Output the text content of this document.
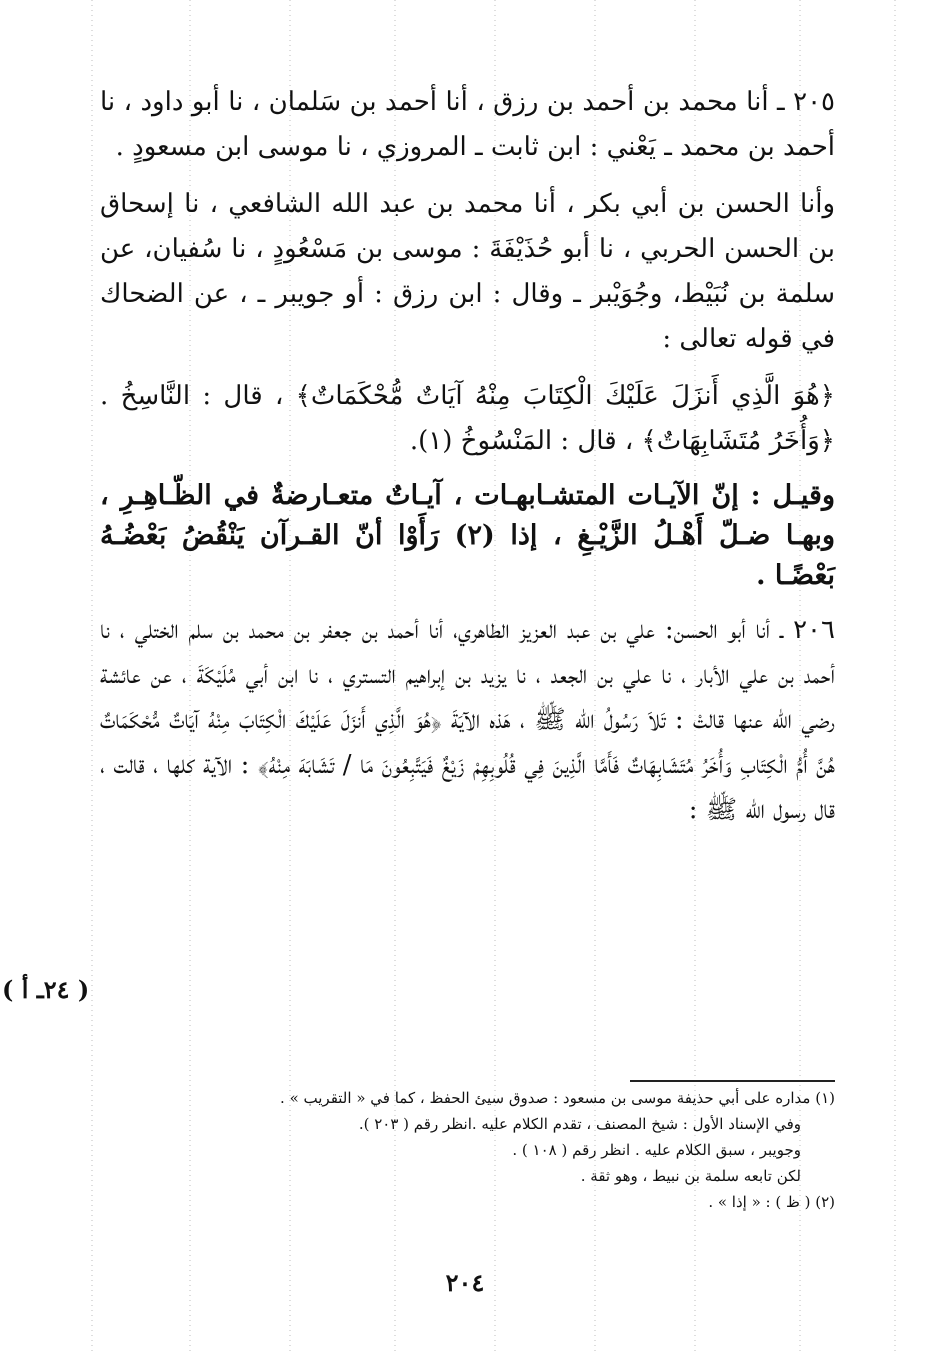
٢٠٥ ـ أنا محمد بن أحمد بن رزق ، أنا أحمد بن سَلمان ، نا أبو داود ، نا أحمد بن محمد ـ يَعْني : ابن ثابت ـ المروزي ، نا موسى ابن مسعودٍ .

وأنا الحسن بن أبي بكر ، أنا محمد بن عبد الله الشافعي ، نا إسحاق بن الحسن الحربي ، نا أبو حُذَيْفَةَ : موسى بن مَسْعُودٍ ، نا سُفيان، عن سلمة بن نُبَيْط، وجُوَيْبر ـ وقال : ابن رزق : أو جويبر ـ ، عن الضحاك في قوله تعالى :

﴿هُوَ الَّذِي أَنزَلَ عَلَيْكَ الْكِتَابَ مِنْهُ آيَاتٌ مُّحْكَمَاتٌ﴾ ، قال : النَّاسِخُ . ﴿وَأُخَرُ مُتَشَابِهَاتٌ﴾ ، قال : المَنْسُوخُ (١).

وقيـل : إنّ الآيـات المتشـابهـات ، آيـاتٌ متعـارضةٌ في الظّـاهِـرِ ، وبهـا ضـلّ أَهْـلُ الزَّيْـغِ ، إذا (٢) رَأَوْا أنّ القـرآن يَنْقُضُ بَعْضُـهُ بَعْضًـا .

٢٠٦ ـ أنا أبو الحسن: علي بن عبد العزيز الطاهري، أنا أحمد بن جعفر بن محمد بن سلم الختلي ، نا أحمد بن علي الأبار ، نا علي بن الجعد ، نا يزيد بن إبراهيم التستري ، نا ابن أبي مُلَيْكَةَ ، عن عائشة رضي الله عنها قالتْ : تَلاَ رَسُولُ الله ﷺ ، هَذه الآيَةَ ﴿هُوَ الَّذِي أَنزَلَ عَلَيْكَ الْكِتَابَ مِنْهُ آيَاتٌ مُّحْكَمَاتٌ هُنَّ أُمُّ الْكِتَابِ وَأُخَرُ مُتَشَابِهَاتٌ فَأَمَّا الَّذِينَ فِي قُلُوبِهِمْ زَيْغٌ فَيَتَّبِعُونَ مَا / تَشَابَهَ مِنْهُ﴾ : الآية كلها ، قالت ، قال رسول الله ﷺ :

( ٢٤ـ أ )

(١) مداره على أبي حذيفة موسى بن مسعود : صدوق سيئ الحفظ ، كما في « التقريب » .

وفي الإسناد الأول : شيخ المصنف ، تقدم الكلام عليه .انظر رقم ( ٢٠٣ ).

وجويبر ، سبق الكلام عليه . انظر رقم ( ١٠٨ ) .

لكن تابعه سلمة بن نبيط ، وهو ثقة .

(٢) ( ظ ) : « إذا » .

٢٠٤
